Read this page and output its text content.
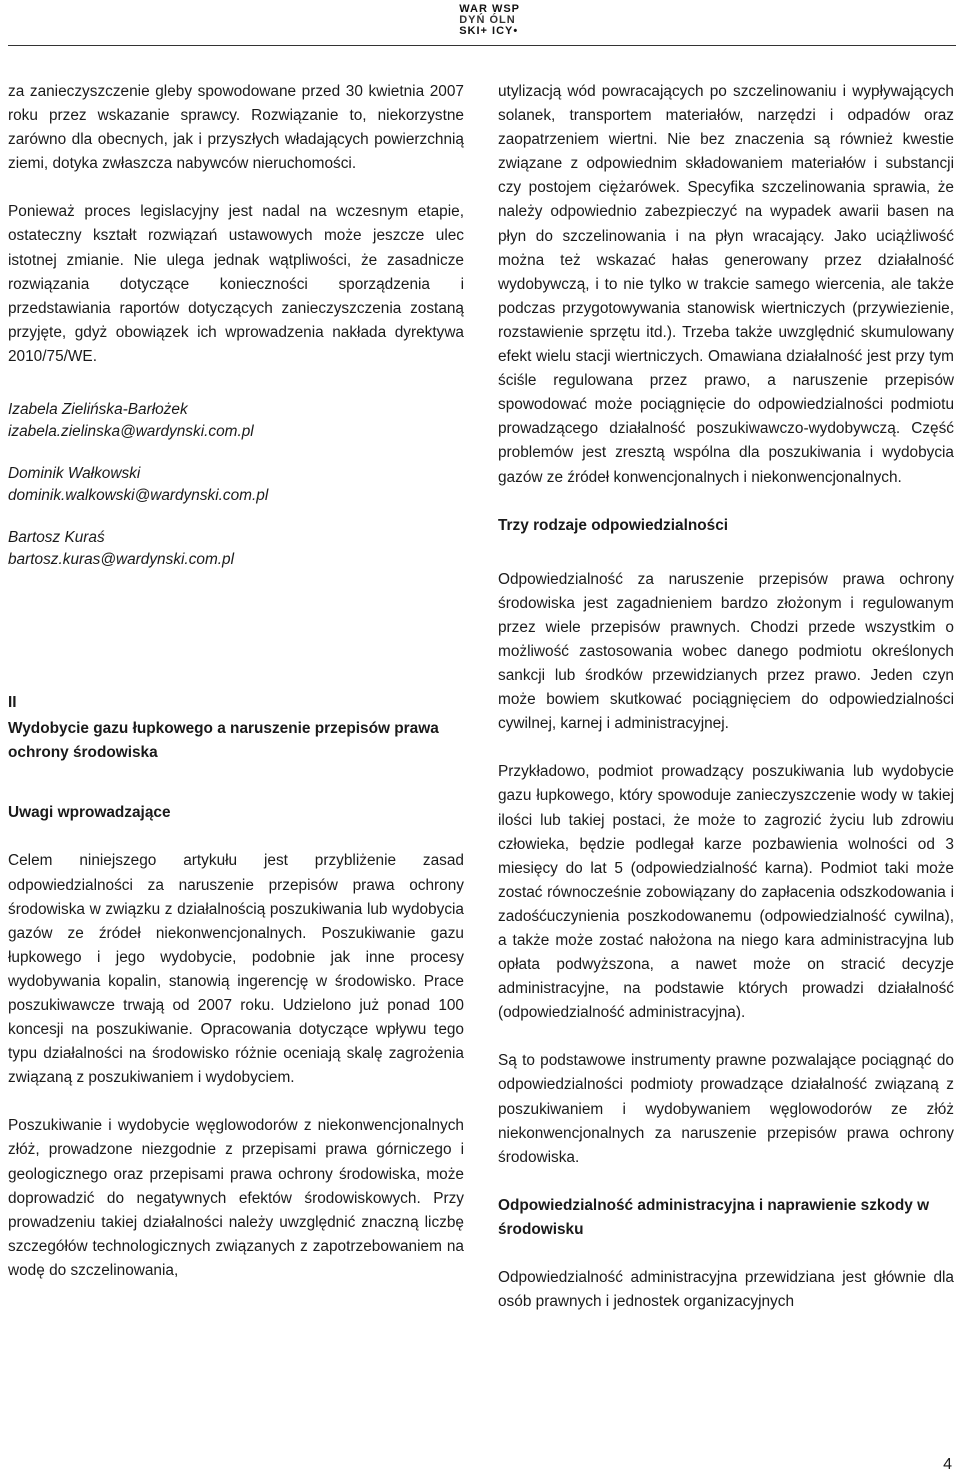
WAR WSP
DYŃ ÓLN
SKI+ ICY•

za zanieczyszczenie gleby spowodowane przed 30 kwietnia 2007 roku przez wskazanie sprawcy. Rozwiązanie to, niekorzystne zarówno dla obecnych, jak i przyszłych władających powierzchnią ziemi, dotyka zwłaszcza nabywców nieruchomości.

Ponieważ proces legislacyjny jest nadal na wczesnym etapie, ostateczny kształt rozwiązań ustawowych może jeszcze ulec istotnej zmianie. Nie ulega jednak wątpliwości, że zasadnicze rozwiązania dotyczące konieczności sporządzenia i przedstawiania raportów dotyczących zanieczyszczenia zostaną przyjęte, gdyż obowiązek ich wprowadzenia nakłada dyrektywa 2010/75/WE.

Izabela Zielińska-Barłożek

izabela.zielinska@wardynski.com.pl

Dominik Wałkowski

dominik.walkowski@wardynski.com.pl

Bartosz Kuraś

bartosz.kuras@wardynski.com.pl

II
Wydobycie gazu łupkowego a naruszenie przepisów prawa ochrony środowiska
Uwagi wprowadzające

Celem niniejszego artykułu jest przybliżenie zasad odpowiedzialności za naruszenie przepisów prawa ochrony środowiska w związku z działalnością poszukiwania lub wydobycia gazów ze źródeł niekonwencjonalnych. Poszukiwanie gazu łupkowego i jego wydobycie, podobnie jak inne procesy wydobywania kopalin, stanowią ingerencję w środowisko. Prace poszukiwawcze trwają od 2007 roku. Udzielono już ponad 100 koncesji na poszukiwanie. Opracowania dotyczące wpływu tego typu działalności na środowisko różnie oceniają skalę zagrożenia związaną z poszukiwaniem i wydobyciem.

Poszukiwanie i wydobycie węglowodorów z niekonwencjonalnych złóż, prowadzone niezgodnie z przepisami prawa górniczego i geologicznego oraz przepisami prawa ochrony środowiska, może doprowadzić do negatywnych efektów środowiskowych. Przy prowadzeniu takiej działalności należy uwzględnić znaczną liczbę szczegółów technologicznych związanych z zapotrzebowaniem na wodę do szczelinowania,

utylizacją wód powracających po szczelinowaniu i wypływających solanek, transportem materiałów, narzędzi i odpadów oraz zaopatrzeniem wiertni. Nie bez znaczenia są również kwestie związane z odpowiednim składowaniem materiałów i substancji czy postojem ciężarówek. Specyfika szczelinowania sprawia, że należy odpowiednio zabezpieczyć na wypadek awarii basen na płyn do szczelinowania i na płyn wracający. Jako uciążliwość można też wskazać hałas generowany przez działalność wydobywczą, i to nie tylko w trakcie samego wiercenia, ale także podczas przygotowywania stanowisk wiertniczych (przywiezienie, rozstawienie sprzętu itd.). Trzeba także uwzględnić skumulowany efekt wielu stacji wiertniczych. Omawiana działalność jest przy tym ściśle regulowana przez prawo, a naruszenie przepisów spowodować może pociągnięcie do odpowiedzialności podmiotu prowadzącego działalność poszukiwawczo-wydobywczą. Część problemów jest zresztą wspólna dla poszukiwania i wydobycia gazów ze źródeł konwencjonalnych i niekonwencjonalnych.

Trzy rodzaje odpowiedzialności

Odpowiedzialność za naruszenie przepisów prawa ochrony środowiska jest zagadnieniem bardzo złożonym i regulowanym przez wiele przepisów prawnych. Chodzi przede wszystkim o możliwość zastosowania wobec danego podmiotu określonych sankcji lub środków przewidzianych przez prawo. Jeden czyn może bowiem skutkować pociągnięciem do odpowiedzialności cywilnej, karnej i administracyjnej.

Przykładowo, podmiot prowadzący poszukiwania lub wydobycie gazu łupkowego, który spowoduje zanieczyszczenie wody w takiej ilości lub takiej postaci, że może to zagrozić życiu lub zdrowiu człowieka, będzie podlegał karze pozbawienia wolności od 3 miesięcy do lat 5 (odpowiedzialność karna). Podmiot taki może zostać równocześnie zobowiązany do zapłacenia odszkodowania i zadośćuczynienia poszkodowanemu (odpowiedzialność cywilna), a także może zostać nałożona na niego kara administracyjna lub opłata podwyższona, a nawet może on stracić decyzje administracyjne, na podstawie których prowadzi działalność (odpowiedzialność administracyjna).

Są to podstawowe instrumenty prawne pozwalające pociągnąć do odpowiedzialności podmioty prowadzące działalność związaną z poszukiwaniem i wydobywaniem węglowodorów ze złóż niekonwencjonalnych za naruszenie przepisów prawa ochrony środowiska.

Odpowiedzialność administracyjna i naprawienie szkody w środowisku

Odpowiedzialność administracyjna przewidziana jest głównie dla osób prawnych i jednostek organizacyjnych

4
